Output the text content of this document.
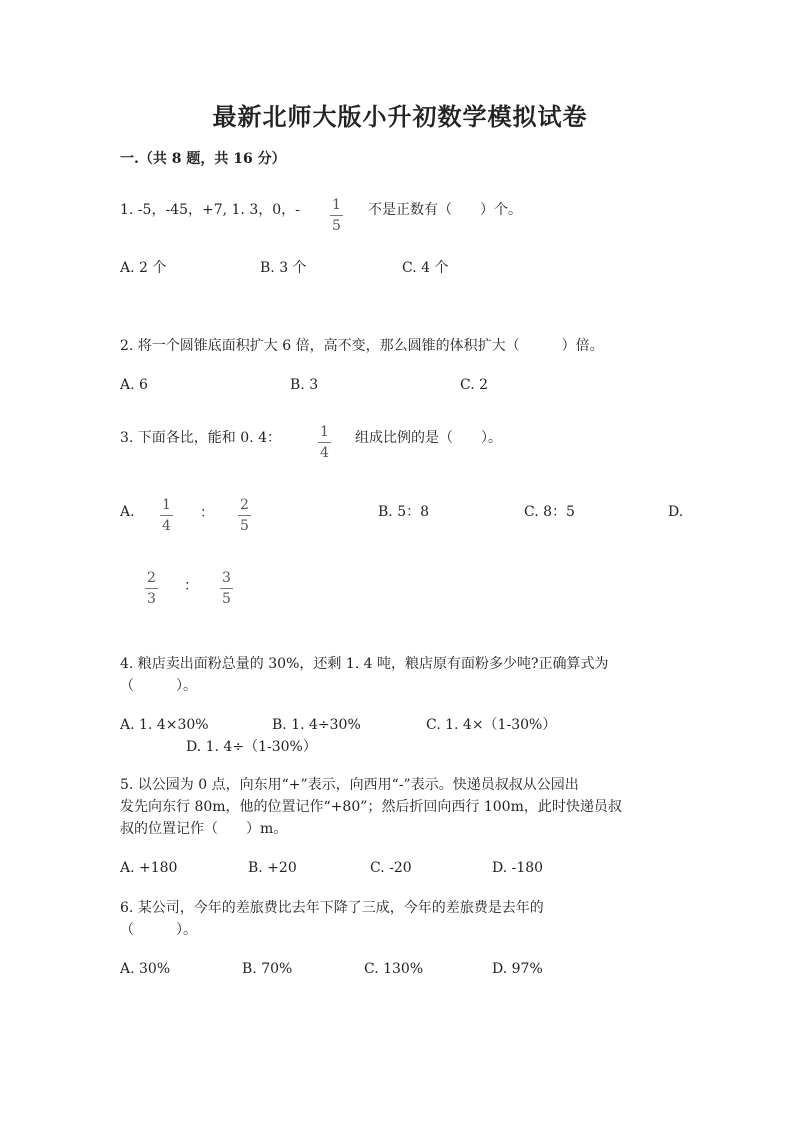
最新北师大版小升初数学模拟试卷
一.（共 8 题，共 16 分）
1. -5，-45，+7, 1. 3，0，- $\frac{1}{5}$ 不是正数有（　　）个。
A. 2 个	B. 3 个	C. 4 个
2. 将一个圆锥底面积扩大 6 倍，高不变，那么圆锥的体积扩大（　　　）倍。
A. 6	B. 3	C. 2
3. 下面各比，能和 0. 4：	$\frac{1}{4}$ 组成比例的是（　　）。
A. $\frac{1}{4}$ ： $\frac{2}{5}$	B. 5：8	C. 8：5	D.
$\frac{2}{3}$ ： $\frac{3}{5}$
4. 粮店卖出面粉总量的 30%，还剩 1. 4 吨，粮店原有面粉多少吨?正确算式为
（　　　）。
A. 1. 4×30%	B. 1. 4÷30%	C. 1. 4×（1-30%）
D. 1. 4÷（1-30%）
5. 以公园为 0 点，向东用“+”表示，向西用“-”表示。快递员叔叔从公园出
发先向东行 80m，他的位置记作“+80”；然后折回向西行 100m，此时快递员叔
叔的位置记作（　　）m。
A. +180	B. +20	C. -20	D. -180
6. 某公司，今年的差旅费比去年下降了三成，今年的差旅费是去年的
（　　　）。
A. 30%	B. 70%	C. 130%	D. 97%
